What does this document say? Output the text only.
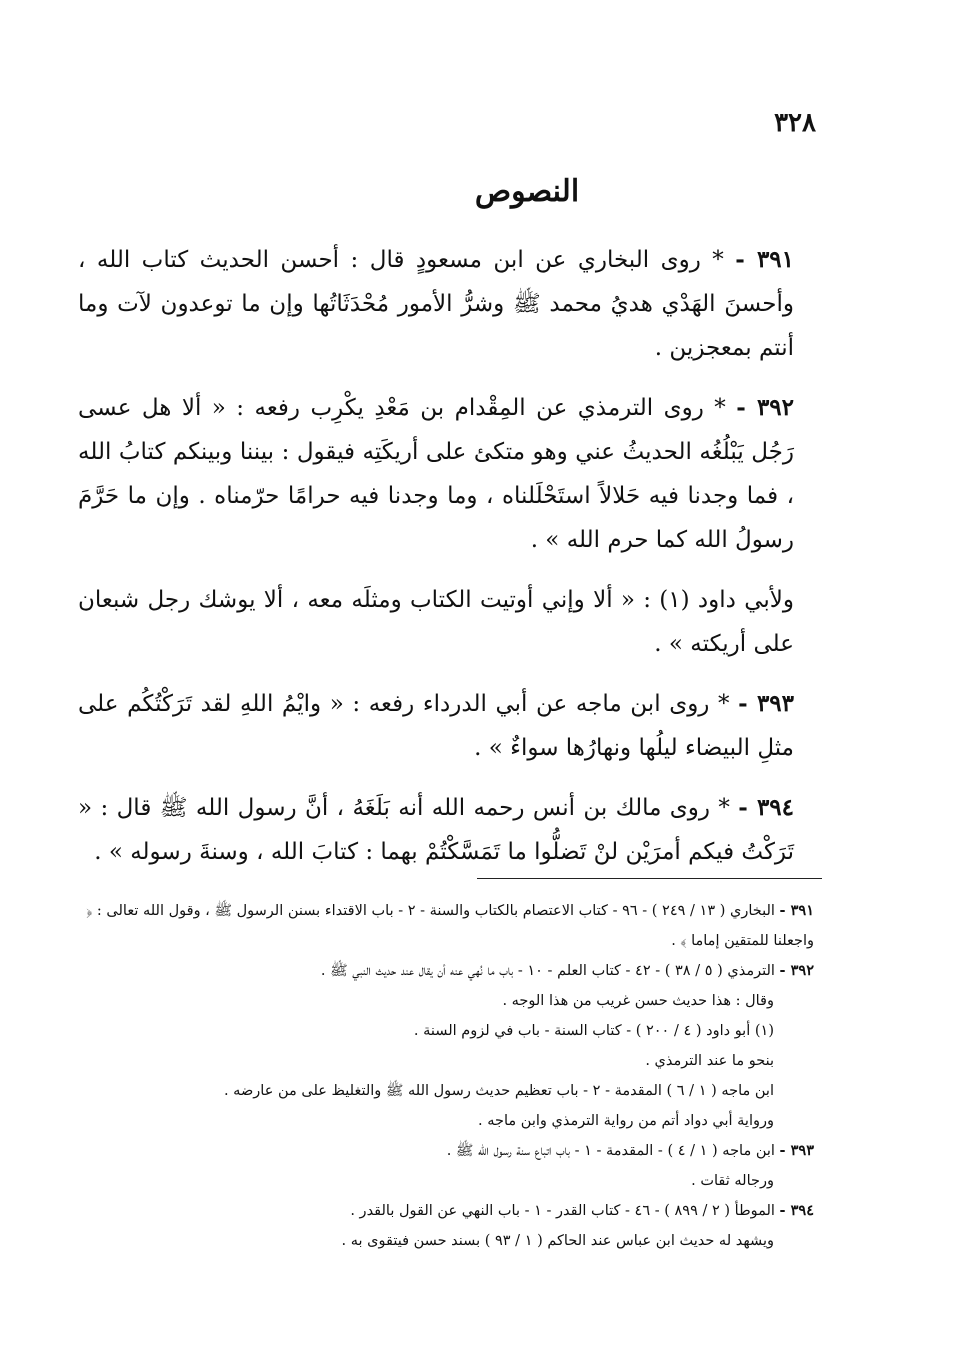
٣٢٨
النصوص

٣٩١ - * روى البخاري عن ابن مسعودٍ قال : أحسن الحديث كتاب الله ، وأحسنَ الهَدْي هديُ محمد ﷺ وشرُّ الأمور مُحْدَثَاتُها وإن ما توعدون لآت وما أنتم بمعجزين .

٣٩٢ - * روى الترمذي عن المِقْدام بن مَعْدِ يكْرِب رفعه : « ألا هل عسى رَجُل يَبْلُغُه الحديثُ عني وهو متكئ على أريكَتِه فيقول : بيننا وبينكم كتابُ الله ، فما وجدنا فيه حَلالاً استَحْلَلناه ، وما وجدنا فيه حرامًا حرّمناه . وإن ما حَرَّمَ رسولُ الله كما حرم الله » .

ولأبي داود (١) : « ألا وإني أوتيت الكتاب ومثلَه معه ، ألا يوشك رجل شبعان على أريكته » .

٣٩٣ - * روى ابن ماجه عن أبي الدرداء رفعه : « وايْمُ اللهِ لقد تَرَكْتُكُم على مثلِ البيضاء ليلُها ونهارُها سواءٌ » .

٣٩٤ - * روى مالك بن أنس رحمه الله أنه بَلَغَهُ ، أنَّ رسول الله ﷺ قال : « تَرَكْتُ فيكم أمرَيْن لنْ تَضلُّوا ما تَمَسَّكْتُمْ بهما : كتابَ الله ، وسنةَ رسوله » .

٣٩١ - البخاري ( ١٣ / ٢٤٩ ) - ٩٦ - كتاب الاعتصام بالكتاب والسنة - ٢ - باب الاقتداء بسنن الرسول ﷺ ، وقول الله تعالى : ﴿ واجعلنا للمتقين إماما ﴾ .

٣٩٢ - الترمذي ( ٥ / ٣٨ ) - ٤٢ - كتاب العلم - ١٠ - باب ما نُهي عنه أن يقال عند حديث النبي ﷺ .

وقال : هذا حديث حسن غريب من هذا الوجه .

(١) أبو داود ( ٤ / ٢٠٠ ) - كتاب السنة - باب في لزوم السنة .

بنحو ما عند الترمذي .

ابن ماجه ( ١ / ٦ ) المقدمة - ٢ - باب تعظيم حديث رسول الله ﷺ والتغليظ على من عارضه .

ورواية أبي دواد أتم من رواية الترمذي وابن ماجه .

٣٩٣ - ابن ماجه ( ١ / ٤ ) - المقدمة - ١ - باب اتباع سنة رسول الله ﷺ .

ورجاله ثقات .

٣٩٤ - الموطأ ( ٢ / ٨٩٩ ) - ٤٦ - كتاب القدر - ١ - باب النهي عن القول بالقدر .

ويشهد له حديث ابن عباس عند الحاكم ( ١ / ٩٣ ) بسند حسن فيتقوى به .
